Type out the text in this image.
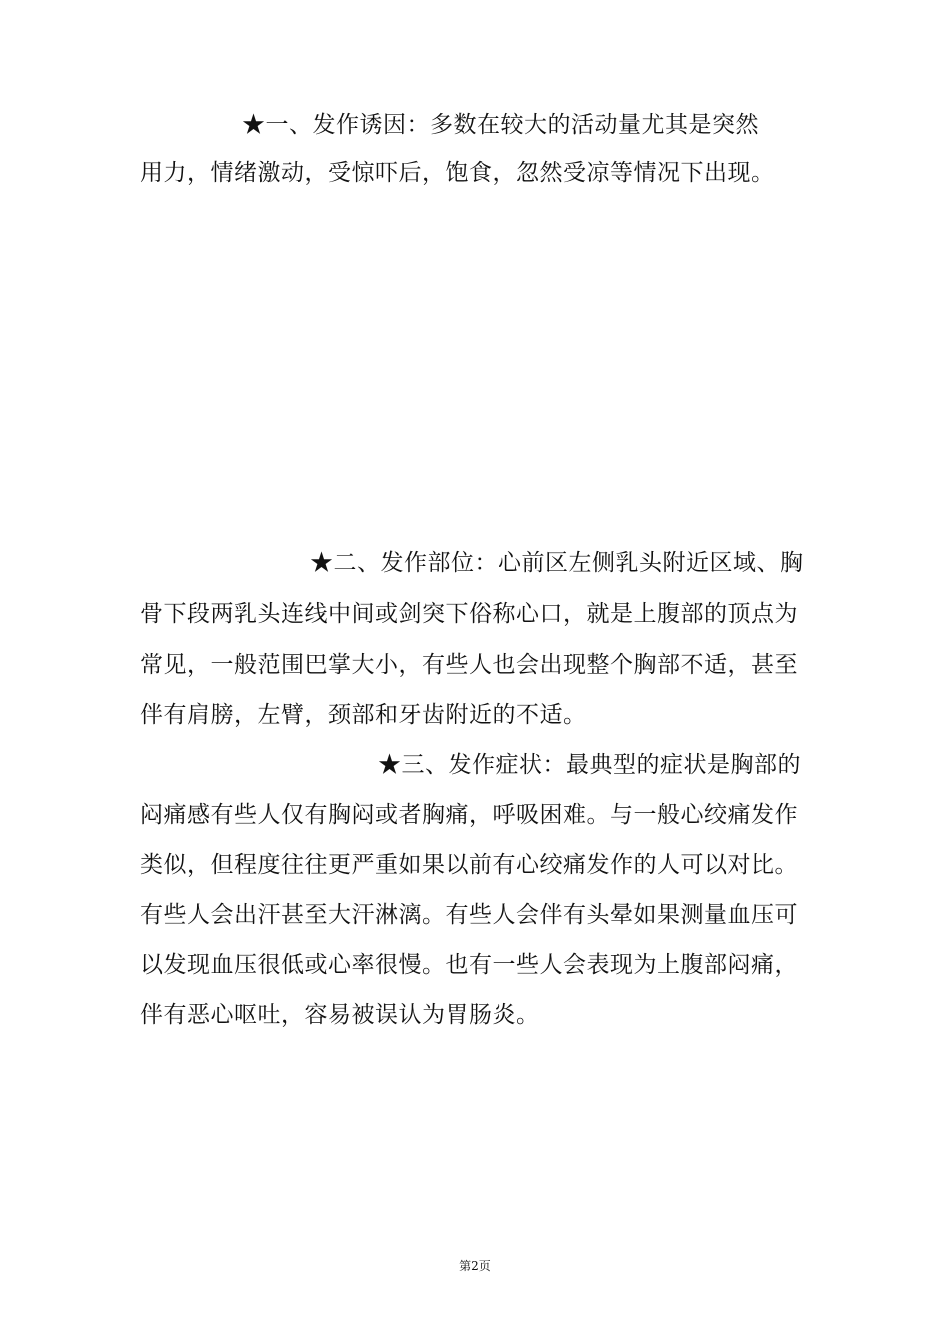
★一、发作诱因：多数在较大的活动量尤其是突然
用力，情绪激动，受惊吓后，饱食，忽然受凉等情况下出现。
★二、发作部位：心前区左侧乳头附近区域、胸
骨下段两乳头连线中间或剑突下俗称心口，就是上腹部的顶点为
常见，一般范围巴掌大小，有些人也会出现整个胸部不适，甚至
伴有肩膀，左臂，颈部和牙齿附近的不适。
★三、发作症状：最典型的症状是胸部的
闷痛感有些人仅有胸闷或者胸痛，呼吸困难。与一般心绞痛发作
类似，但程度往往更严重如果以前有心绞痛发作的人可以对比。
有些人会出汗甚至大汗淋漓。有些人会伴有头晕如果测量血压可
以发现血压很低或心率很慢。也有一些人会表现为上腹部闷痛，
伴有恶心呕吐，容易被误认为胃肠炎。
第2页
